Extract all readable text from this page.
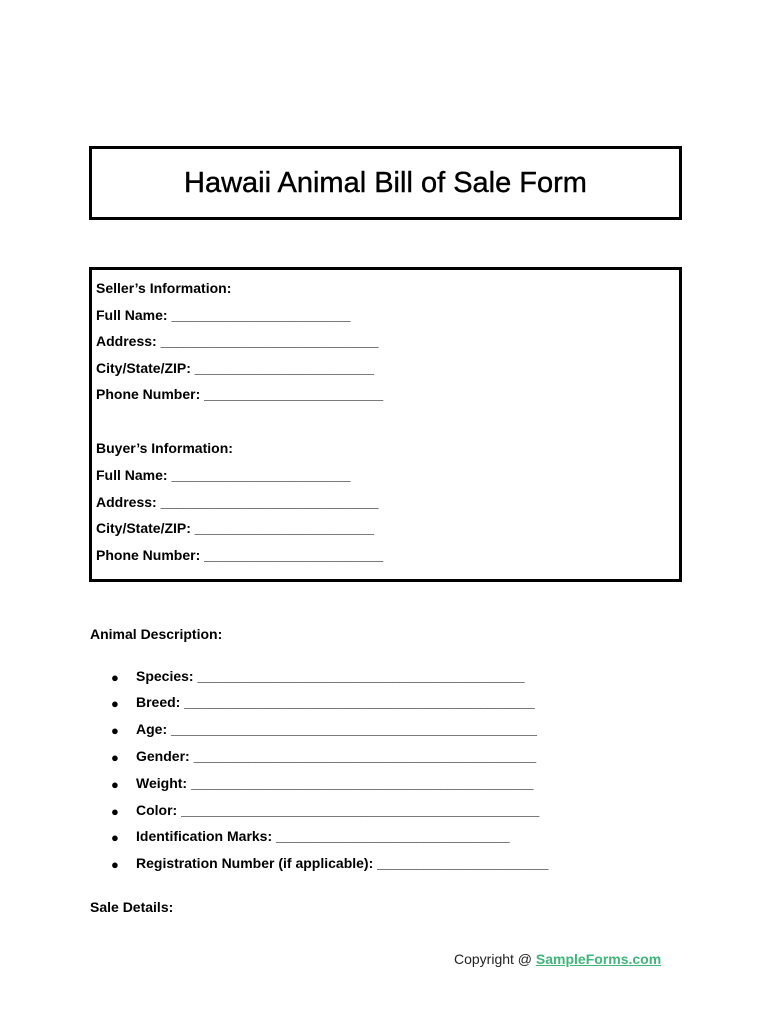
Hawaii Animal Bill of Sale Form
Seller’s Information:
Full Name: _______________________
Address: ____________________________
City/State/ZIP: _______________________
Phone Number: _______________________
Buyer’s Information:
Full Name: _______________________
Address: ____________________________
City/State/ZIP: _______________________
Phone Number: _______________________
Animal Description:
● Species: __________________________________________
● Breed: _____________________________________________
● Age: _______________________________________________
● Gender: ____________________________________________
● Weight: ____________________________________________
● Color: ______________________________________________
● Identification Marks: ______________________________
● Registration Number (if applicable): ______________________
Sale Details:
Copyright @ SampleForms.com
